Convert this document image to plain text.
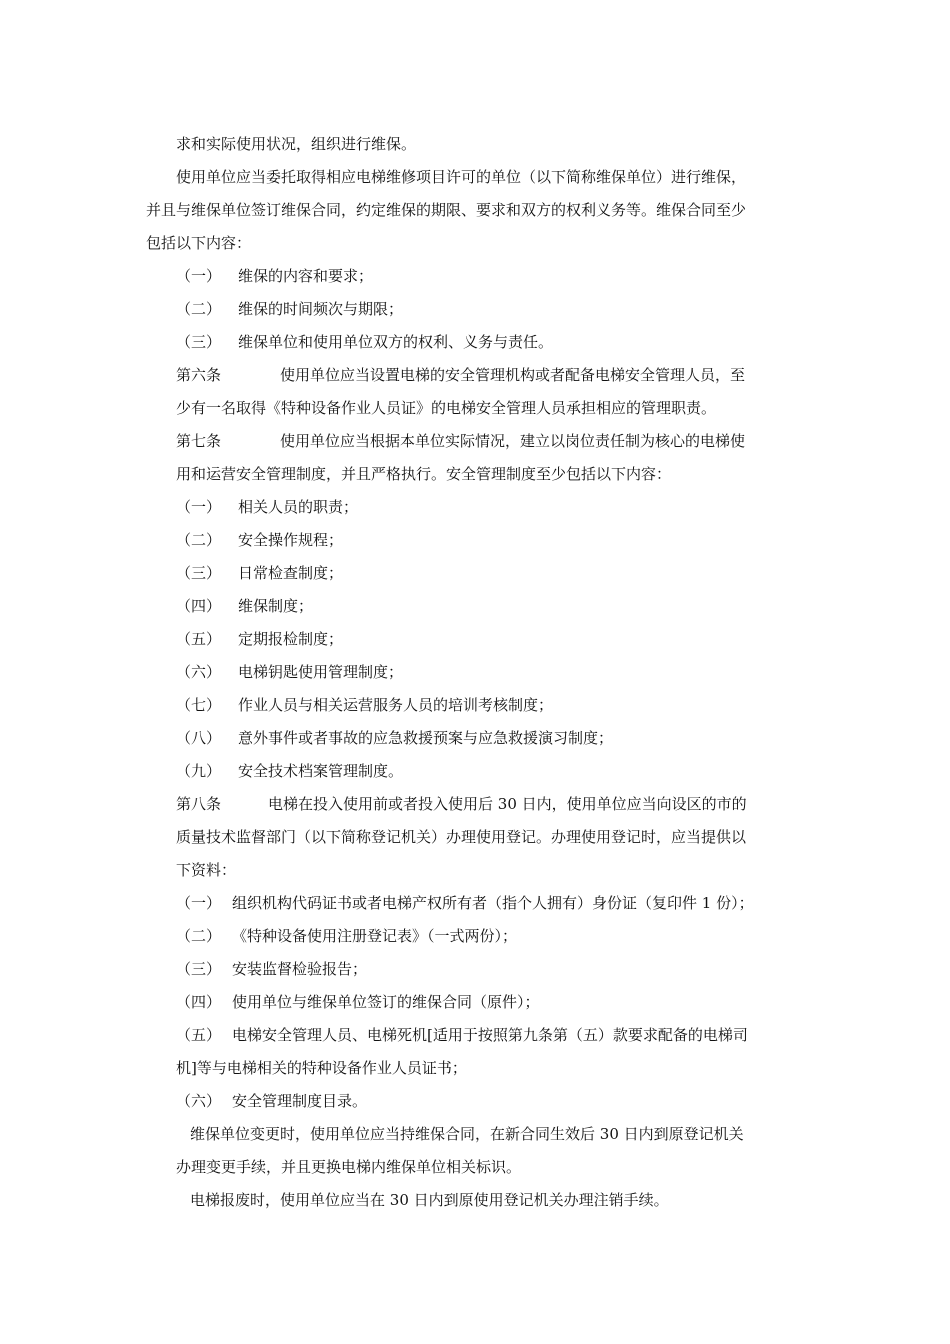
求和实际使用状况，组织进行维保。
使用单位应当委托取得相应电梯维修项目许可的单位（以下简称维保单位）进行维保，
并且与维保单位签订维保合同，约定维保的期限、要求和双方的权利义务等。维保合同至少
包括以下内容：
（一） 维保的内容和要求；
（二） 维保的时间频次与期限；
（三） 维保单位和使用单位双方的权利、义务与责任。
第六条	使用单位应当设置电梯的安全管理机构或者配备电梯安全管理人员，至
少有一名取得《特种设备作业人员证》的电梯安全管理人员承担相应的管理职责。
第七条	使用单位应当根据本单位实际情况，建立以岗位责任制为核心的电梯使
用和运营安全管理制度，并且严格执行。安全管理制度至少包括以下内容：
（一） 相关人员的职责；
（二） 安全操作规程；
（三） 日常检查制度；
（四） 维保制度；
（五） 定期报检制度；
（六） 电梯钥匙使用管理制度；
（七） 作业人员与相关运营服务人员的培训考核制度；
（八） 意外事件或者事故的应急救援预案与应急救援演习制度；
（九） 安全技术档案管理制度。
第八条	电梯在投入使用前或者投入使用后 30 日内，使用单位应当向设区的市的
质量技术监督部门（以下简称登记机关）办理使用登记。办理使用登记时，应当提供以
下资料：
（一） 组织机构代码证书或者电梯产权所有者（指个人拥有）身份证（复印件 1 份）；
（二） 《特种设备使用注册登记表》（一式两份）；
（三） 安装监督检验报告；
（四） 使用单位与维保单位签订的维保合同（原件）；
（五） 电梯安全管理人员、电梯死机[适用于按照第九条第（五）款要求配备的电梯司
机]等与电梯相关的特种设备作业人员证书；
（六） 安全管理制度目录。
维保单位变更时，使用单位应当持维保合同，在新合同生效后 30 日内到原登记机关
办理变更手续，并且更换电梯内维保单位相关标识。
电梯报废时，使用单位应当在 30 日内到原使用登记机关办理注销手续。
